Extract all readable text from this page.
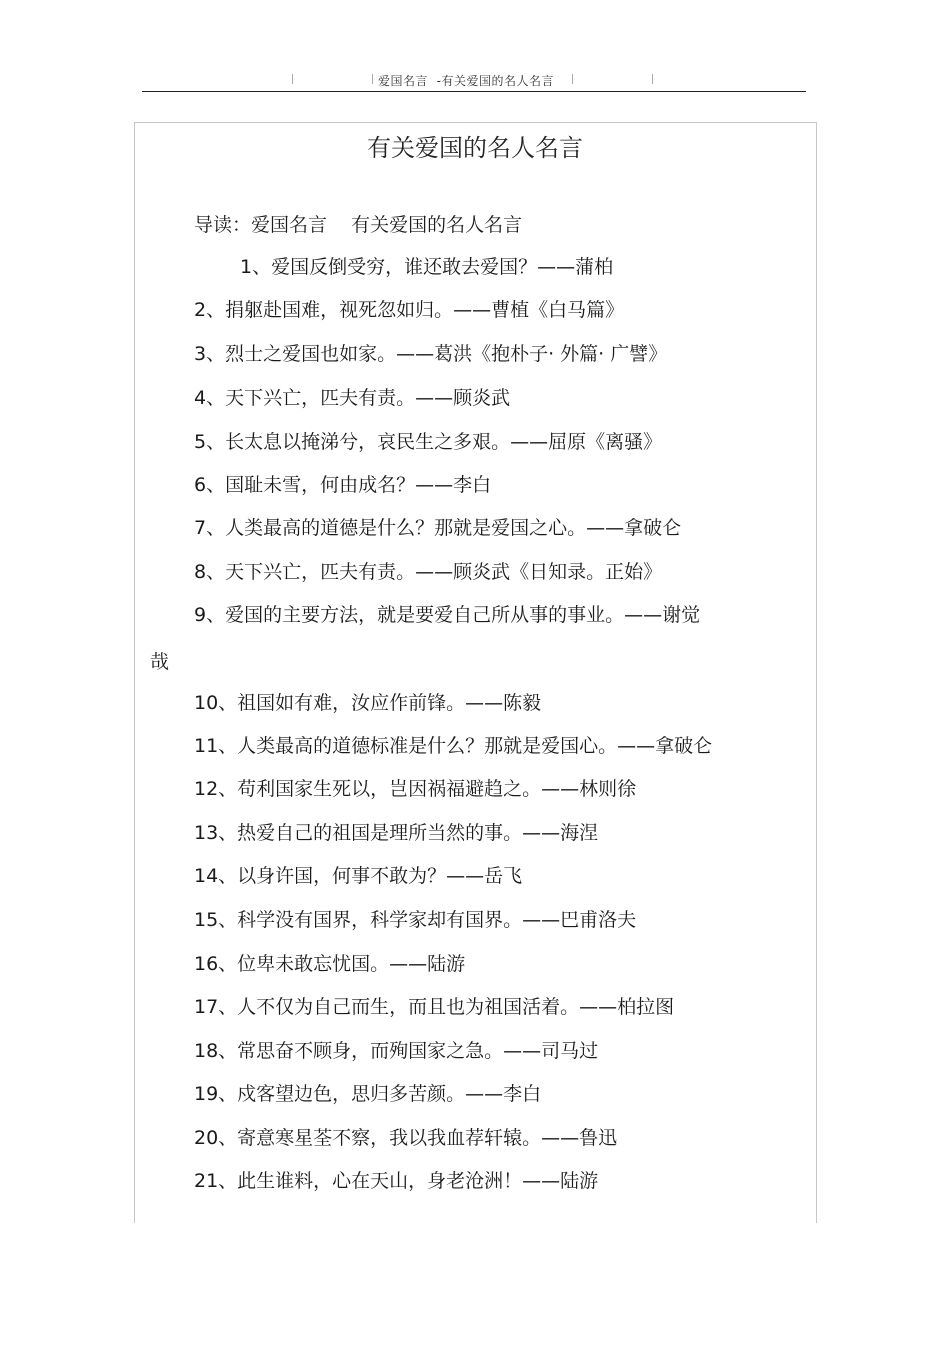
爱国名言  -有关爱国的名人名言
有关爱国的名人名言
导读：爱国名言    有关爱国的名人名言
1、爱国反倒受穷，谁还敢去爱国？——蒲柏
2、捐躯赴国难，视死忽如归。——曹植《白马篇》
3、烈士之爱国也如家。——葛洪《抱朴子· 外篇· 广譬》
4、天下兴亡，匹夫有责。——顾炎武
5、长太息以掩涕兮，哀民生之多艰。——屈原《离骚》
6、国耻未雪，何由成名？——李白
7、人类最高的道德是什么？那就是爱国之心。——拿破仑
8、天下兴亡，匹夫有责。——顾炎武《日知录。正始》
9、爱国的主要方法，就是要爱自己所从事的事业。——谢觉
哉
10、祖国如有难，汝应作前锋。——陈毅
11、人类最高的道德标准是什么？那就是爱国心。——拿破仑
12、苟利国家生死以，岂因祸福避趋之。——林则徐
13、热爱自己的祖国是理所当然的事。——海涅
14、以身许国，何事不敢为？——岳飞
15、科学没有国界，科学家却有国界。——巴甫洛夫
16、位卑未敢忘忧国。——陆游
17、人不仅为自己而生，而且也为祖国活着。——柏拉图
18、常思奋不顾身，而殉国家之急。——司马过
19、戍客望边色，思归多苦颜。——李白
20、寄意寒星荃不察，我以我血荐轩辕。——鲁迅
21、此生谁料，心在天山，身老沧洲！——陆游
